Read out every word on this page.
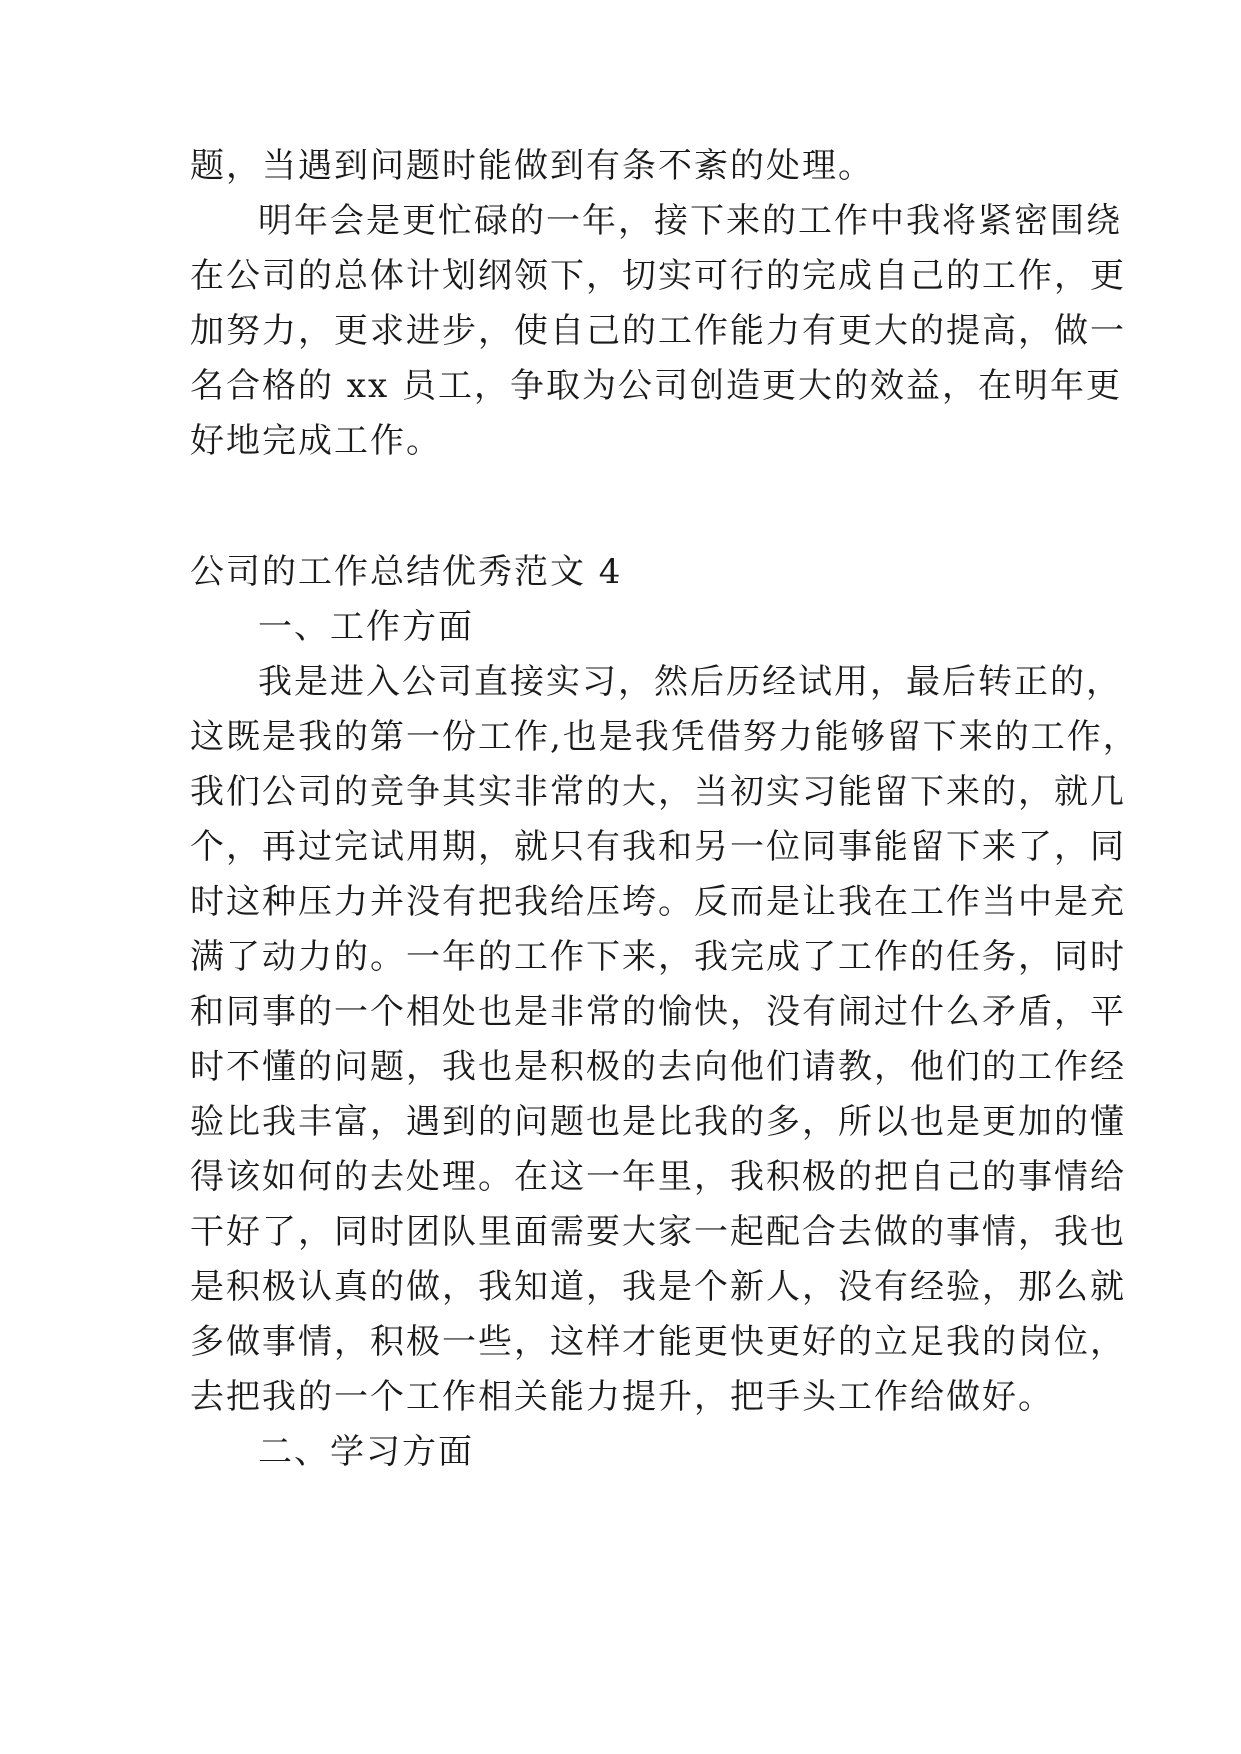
题，当遇到问题时能做到有条不紊的处理。
明年会是更忙碌的一年，接下来的工作中我将紧密围绕
在公司的总体计划纲领下，切实可行的完成自己的工作，更
加努力，更求进步，使自己的工作能力有更大的提高，做一
名合格的 xx 员工，争取为公司创造更大的效益，在明年更
好地完成工作。
公司的工作总结优秀范文 4
一、工作方面
我是进入公司直接实习，然后历经试用，最后转正的，
这既是我的第一份工作,也是我凭借努力能够留下来的工作，
我们公司的竞争其实非常的大，当初实习能留下来的，就几
个，再过完试用期，就只有我和另一位同事能留下来了，同
时这种压力并没有把我给压垮。反而是让我在工作当中是充
满了动力的。一年的工作下来，我完成了工作的任务，同时
和同事的一个相处也是非常的愉快，没有闹过什么矛盾，平
时不懂的问题，我也是积极的去向他们请教，他们的工作经
验比我丰富，遇到的问题也是比我的多，所以也是更加的懂
得该如何的去处理。在这一年里，我积极的把自己的事情给
干好了，同时团队里面需要大家一起配合去做的事情，我也
是积极认真的做，我知道，我是个新人，没有经验，那么就
多做事情，积极一些，这样才能更快更好的立足我的岗位，
去把我的一个工作相关能力提升，把手头工作给做好。
二、学习方面
